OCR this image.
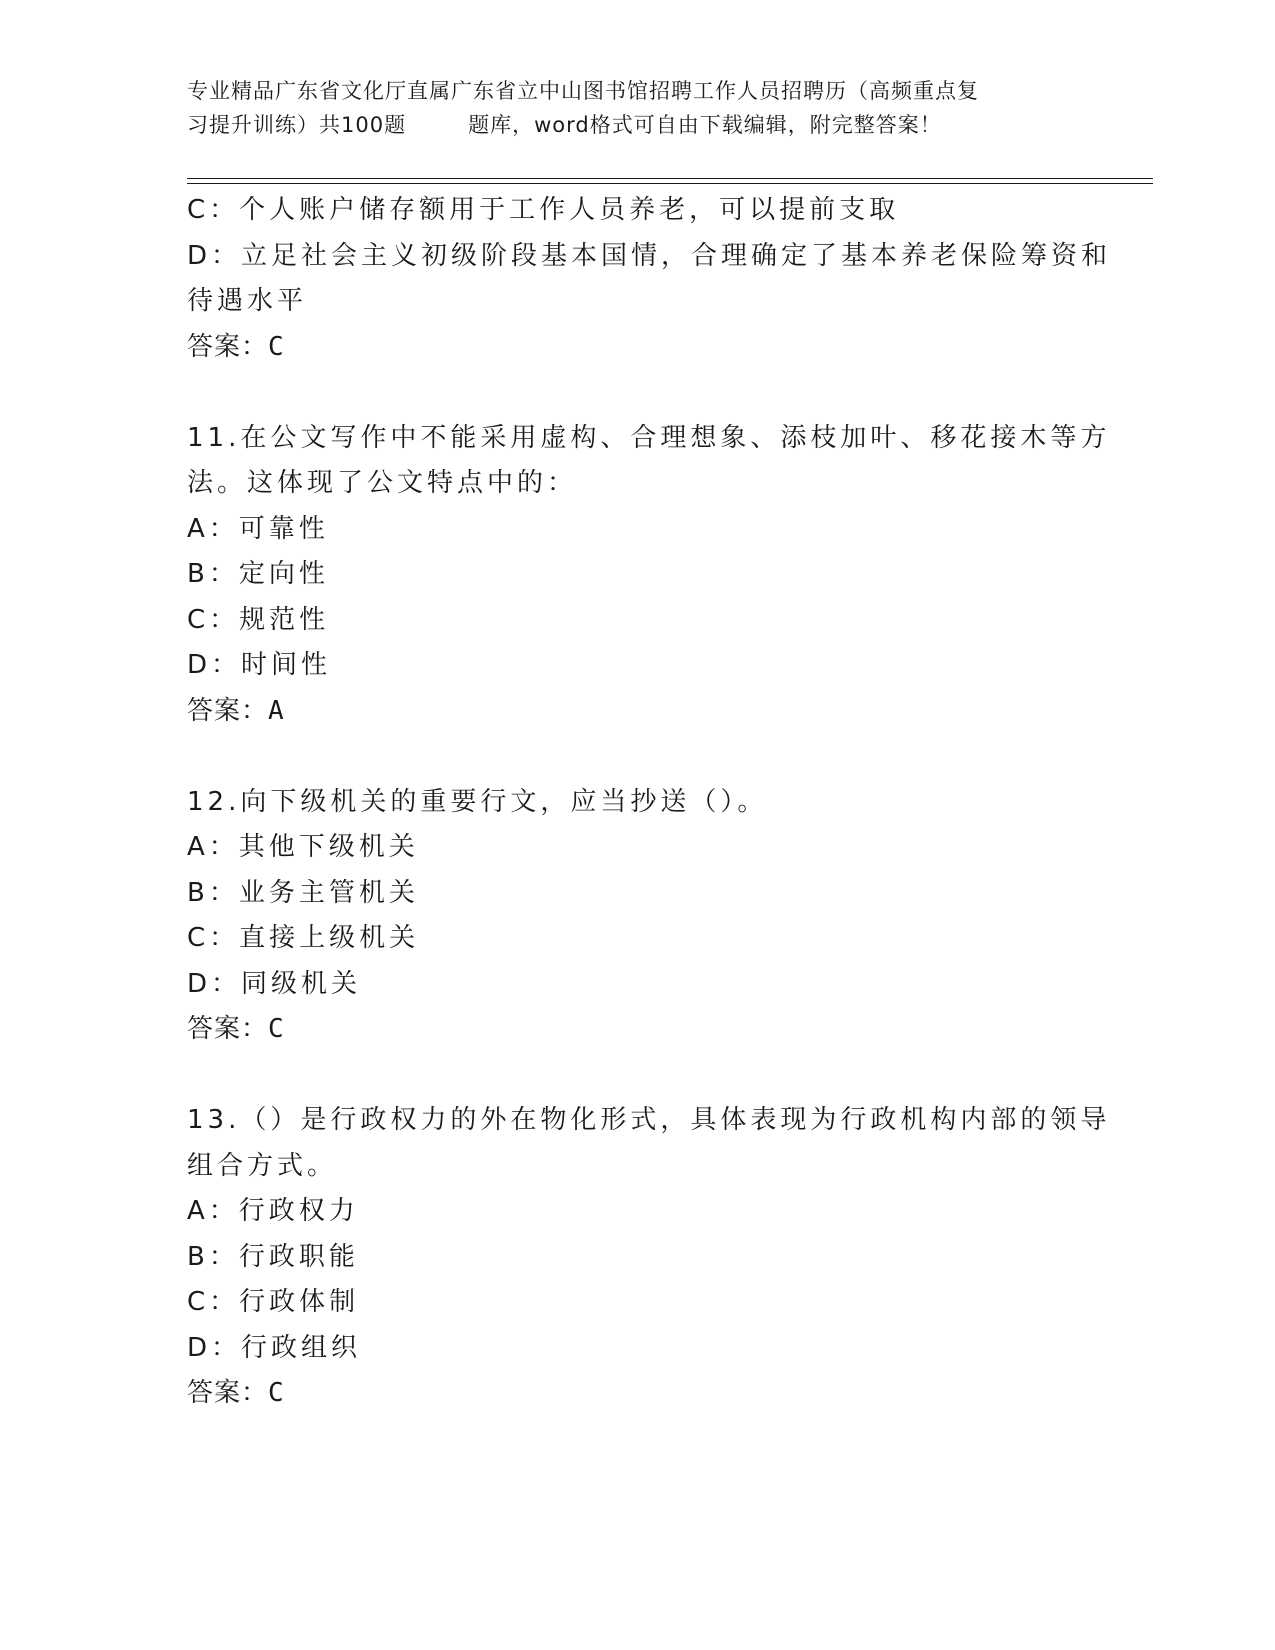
专业精品广东省文化厅直属广东省立中山图书馆招聘工作人员招聘历（高频重点复
习提升训练）共100题	题库，word格式可自由下载编辑，附完整答案！
C：个人账户储存额用于工作人员养老，可以提前支取
D：立足社会主义初级阶段基本国情，合理确定了基本养老保险筹资和
待遇水平
答案：C
11.在公文写作中不能采用虚构、合理想象、添枝加叶、移花接木等方
法。这体现了公文特点中的：
A：可靠性
B：定向性
C：规范性
D：时间性
答案：A
12.向下级机关的重要行文，应当抄送（）。
A：其他下级机关
B：业务主管机关
C：直接上级机关
D：同级机关
答案：C
13.（）是行政权力的外在物化形式，具体表现为行政机构内部的领导
组合方式。
A：行政权力
B：行政职能
C：行政体制
D：行政组织
答案：C
